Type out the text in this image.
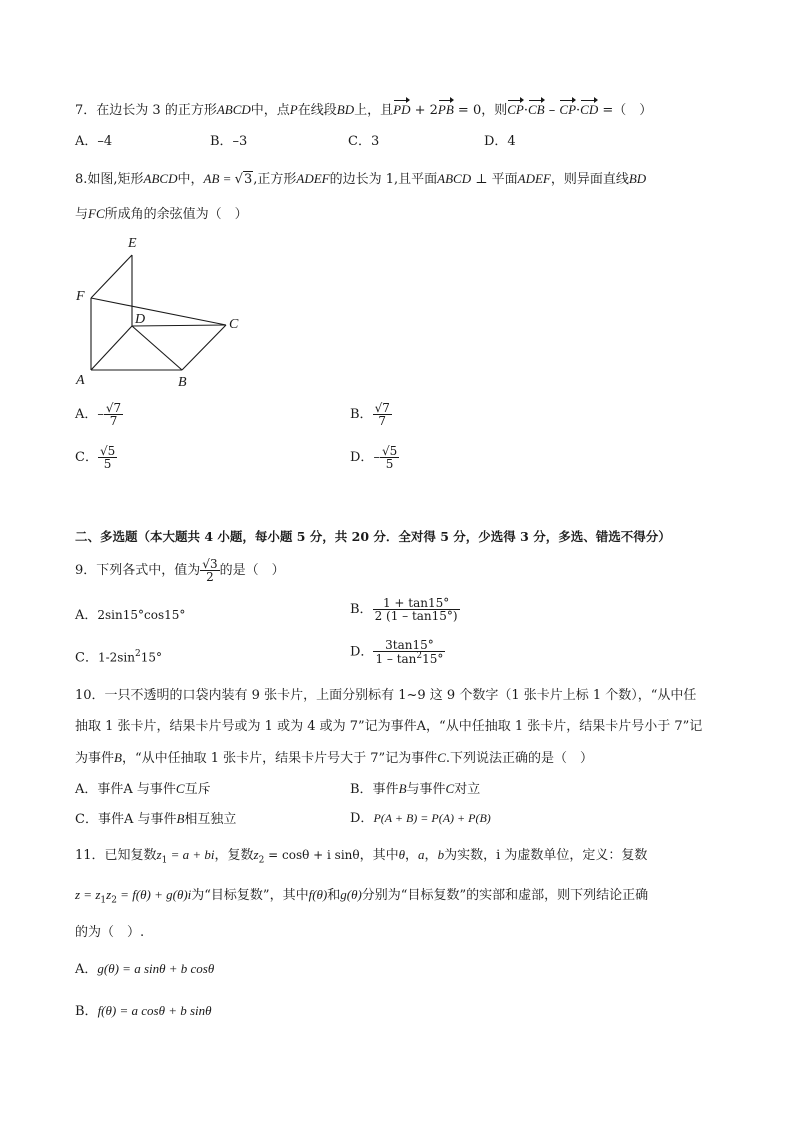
7．在边长为 3 的正方形ABCD中，点P在线段BD上，且PD + 2PB = 0，则CP·CB – CP·CD =（　）
A．–4	B．–3	C．3	D．4
8.如图,矩形ABCD中，AB = √3,正方形ADEF的边长为 1,且平面ABCD ⊥ 平面ADEF，则异面直线BD
与FC所成角的余弦值为（　）
E
F
D	C
A	B
A．– $\frac{√7}{7}$	B． $\frac{√7}{7}$
C． $\frac{√5}{5}$	D．– $\frac{√5}{5}$
二、多选题（本大题共 4 小题，每小题 5 分，共 20 分．全对得 5 分，少选得 3 分，多选、错选不得分）
9．下列各式中，值为 $\frac{√3}{2}$ 的是（　）
A．2sin15°cos15°	B． $\frac{1 + \tan 15^\circ}{2 (1 - \tan 15^\circ)}$
C．$1-2\sin^215^\circ$	D． $\frac{3\tan 15^\circ}{1 - \tan^215^\circ}$
10．一只不透明的口袋内装有 9 张卡片，上面分别标有 1~9 这 9 个数字（1 张卡片上标 1 个数），“从中任
抽取 1 张卡片，结果卡片号或为 1 或为 4 或为 7”记为事件A，“从中任抽取 1 张卡片，结果卡片号小于 7”记
为事件B，“从中任抽取 1 张卡片，结果卡片号大于 7”记为事件C.下列说法正确的是（　）
A．事件A 与事件C互斥	B．事件B与事件C对立
C．事件A 与事件B相互独立	D．P(A + B) = P(A) + P(B)
11．已知复数$z_1 = a$ + bi，复数$z_2 = \cos\theta + i$ sinθ，其中θ，a，b为实数，i 为虚数单位，定义：复数
$z = z_1z_2 = f(\theta) + g(\theta)i$为“目标复数”，其中f(θ)和g(θ)分别为“目标复数”的实部和虚部，则下列结论正确
的为（　）.
A．g(θ) = a sinθ + b cosθ
B．f(θ) = a cosθ + b sinθ
